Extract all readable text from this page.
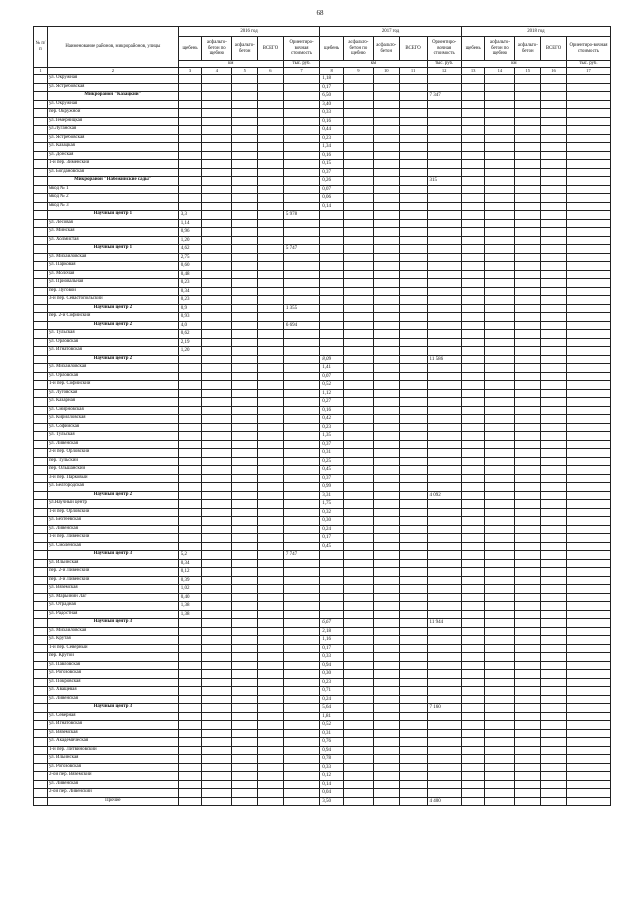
68
№ п/п	Наименование районов, микрорайонов, улицы	2016 год					2017 год					2018 год				
		щебень	асфальто-бетон по щебню	асфальто-бетон	ВСЕГО	Ориентиро-вочная стоимость	щебень	асфальто-бетон по щебню	асфальто-бетон	ВСЕГО	Ориентиро-вочная стоимость	щебень	асфальто-бетон по щебню	асфальто-бетон	ВСЕГО	Ориентиро-вочная стоимость
		км				тыс. руб.	км				тыс. руб.	км				тыс. руб.
1	2	3	4	5	6	7	8	9	10	11	12	13	14	15	16	17
	ул. Окружная						1,18									
	ул. Ястребовская						0,17									
	Микрорайон "Казацкий"						6,50				7 347					
	ул. Окружная						3,40									
	пер. Окружной						0,33									
	ул.Темерницкая						0,16									
	ул.Луганская						0,44									
	ул. Ястребовская						0,23									
	ул. Казацкая						1,34									
	ул. Донская						0,16									
	1-й пер. Зименский						0,15									
	ул. Богдановская						0,37									
	Микрорайон "Набежинские сады"						0,26				315					
	мкод № 1						0,07									
	мкод № 2						0,06									
	мкод № 3						0,14									
	Научный центр 1	3,3				5 978										
	ул. Лесовая	1,14														
	ул. Минская	0,96														
	ул. Холмистая	1,20														
	Научный центр 1	4,62				5 747										
	ул. Михайловская	2,75														
	ул. Парковая	0,60														
	ул. Молочая	0,48														
	ул. Приовальная	0,23														
	пер. Луговой	0,34														
	3-й пер. Севастопольский	0,23														
	Научный центр 2	0,9				1 355										
	пер. 2-й Софийский	0,93														
	Научный центр 2	4,0				6 694										
	ул. Тульская	0,62														
	ул. Орловская	2,19														
	ул. Игнатовская	1,20														
	Научный центр 2						8,09				11 586					
	ул. Михайловская						1,41									
	ул. Орловская						0,07									
	1-й пер. Софийский						0,52									
	ул. Луговская						1,12									
	ул. Казарная						0,27									
	ул. Смирновская						0,16									
	ул. Кирилловская						0,42									
	ул. Софийская						0,23									
	ул. Тульская						1,35									
	ул. Ливенская						0,37									
	2-й пер. Орловский						0,31									
	пер. Тульский						0,25									
	пер. Ольшанский						0,45									
	3-й пер. Парковый						0,37									
	ул. Белгородская						0,99									
	Научный центр 2						3,31				4 092					
	ул.Научный центр						1,75									
	1-й пер. Орловский						0,32									
	ул. Бехтеевская						0,30									
	ул. Ливенская						0,24									
	1-й пер. Ливенский						0,17									
	ул. Смоленская						0,45									
	Научный центр 3	5,2				7 747										
	ул. Ильинская	0,34														
	пер. 2-й Ливенский	0,12														
	пер. 3-й Ливенский	0,39														
	ул. Вяземская	1,02														
	ул. Марьинин Лаг	0,40														
	ул. Отрадная	1,38														
	ул. Радостная	1,38														
	Научный центр 3						6,67				11 944					
	ул. Михайловская						2,18									
	ул. Крутая						1,16									
	1-й пер. Северный						0,17									
	пер. Крутой						0,33									
	ул. Павловская						0,94									
	ул. Рогозовская						0,30									
	ул. Покровская						0,23									
	ул. Хващевая						0,71									
	ул. Ливенская						0,24									
	Научный центр 3						5,64				7 160					
	ул. Северная						1,81									
	ул. Игнатовская						0,52									
	ул. Вяземская						0,31									
	ул. Академическая						0,76									
	1-й пер. Литвиновский						0,94									
	ул. Ильинская						0,78									
	ул. Рогозовская						0,33									
	2-ой пер. Вяземский						0,12									
	ул. Ливенская						0,14									
	2-ой пер. Ливенский						0,04									
	Прочие						3,50				4 400					
